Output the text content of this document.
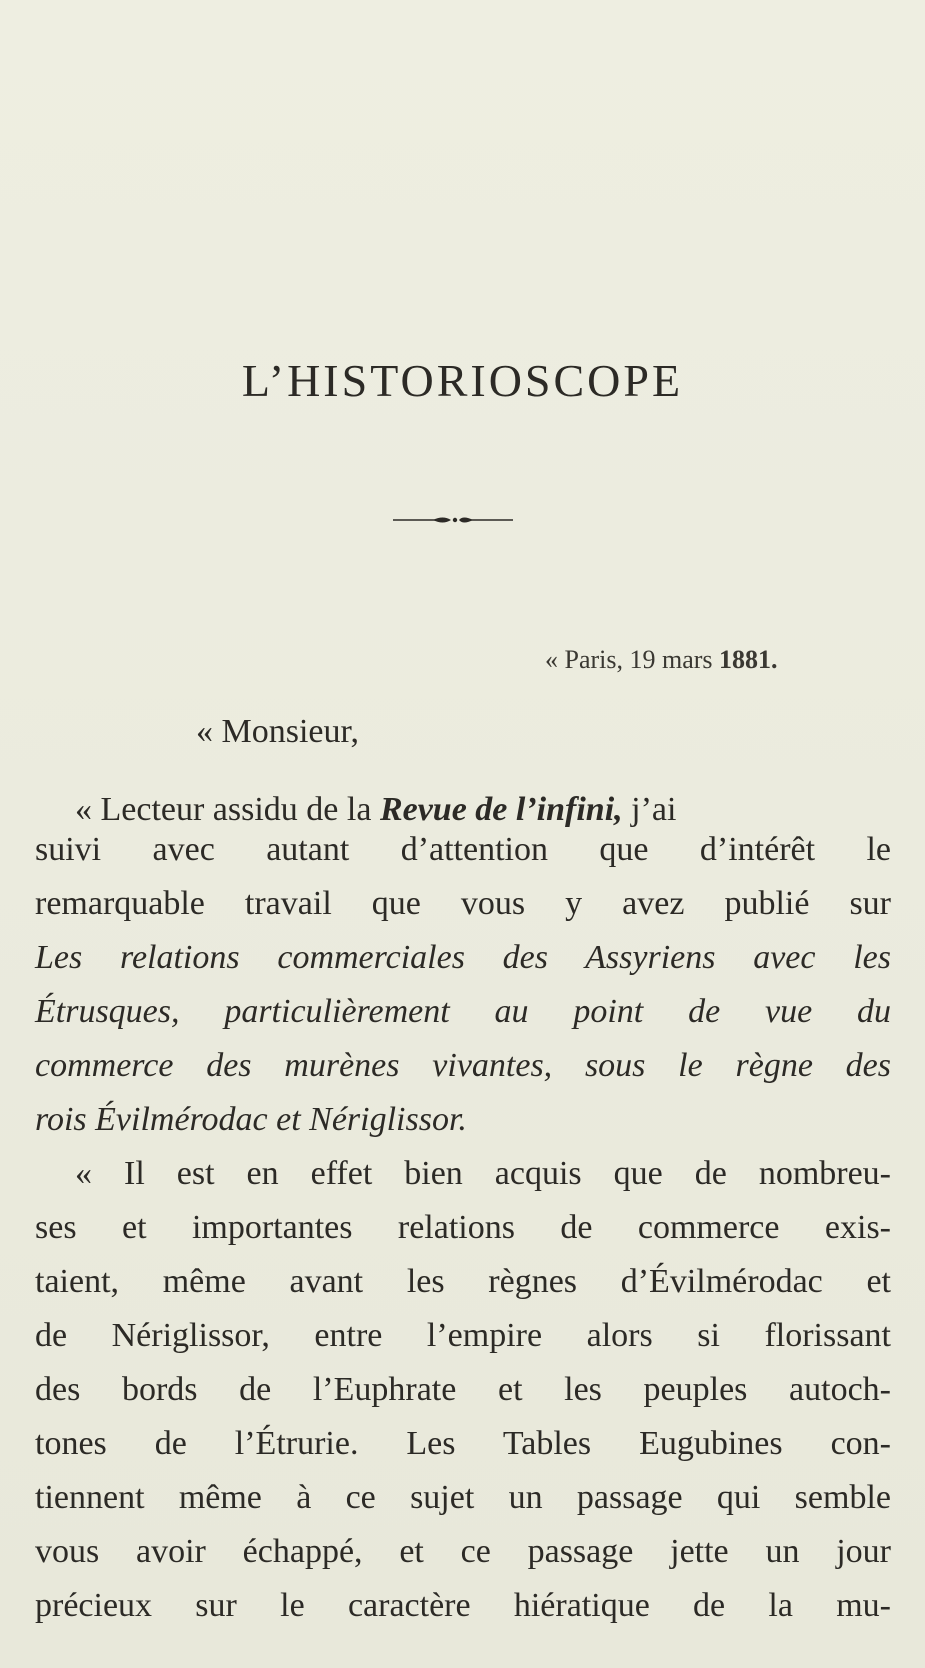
L’HISTORIOSCOPE
« Paris, 19 mars 1881.
« Monsieur,
« Lecteur assidu de la Revue de l’infini, j’ai
suivi avec autant d’attention que d’intérêt le
remarquable travail que vous y avez publié sur
Les relations commerciales des Assyriens avec les
Étrusques, particulièrement au point de vue du
commerce des murènes vivantes, sous le règne des
rois Évilmérodac et Nériglissor.
« Il est en effet bien acquis que de nombreu-
ses et importantes relations de commerce exis-
taient, même avant les règnes d’Évilmérodac et
de Nériglissor, entre l’empire alors si florissant
des bords de l’Euphrate et les peuples autoch-
tones de l’Étrurie. Les Tables Eugubines con-
tiennent même à ce sujet un passage qui semble
vous avoir échappé, et ce passage jette un jour
précieux sur le caractère hiératique de la mu-
